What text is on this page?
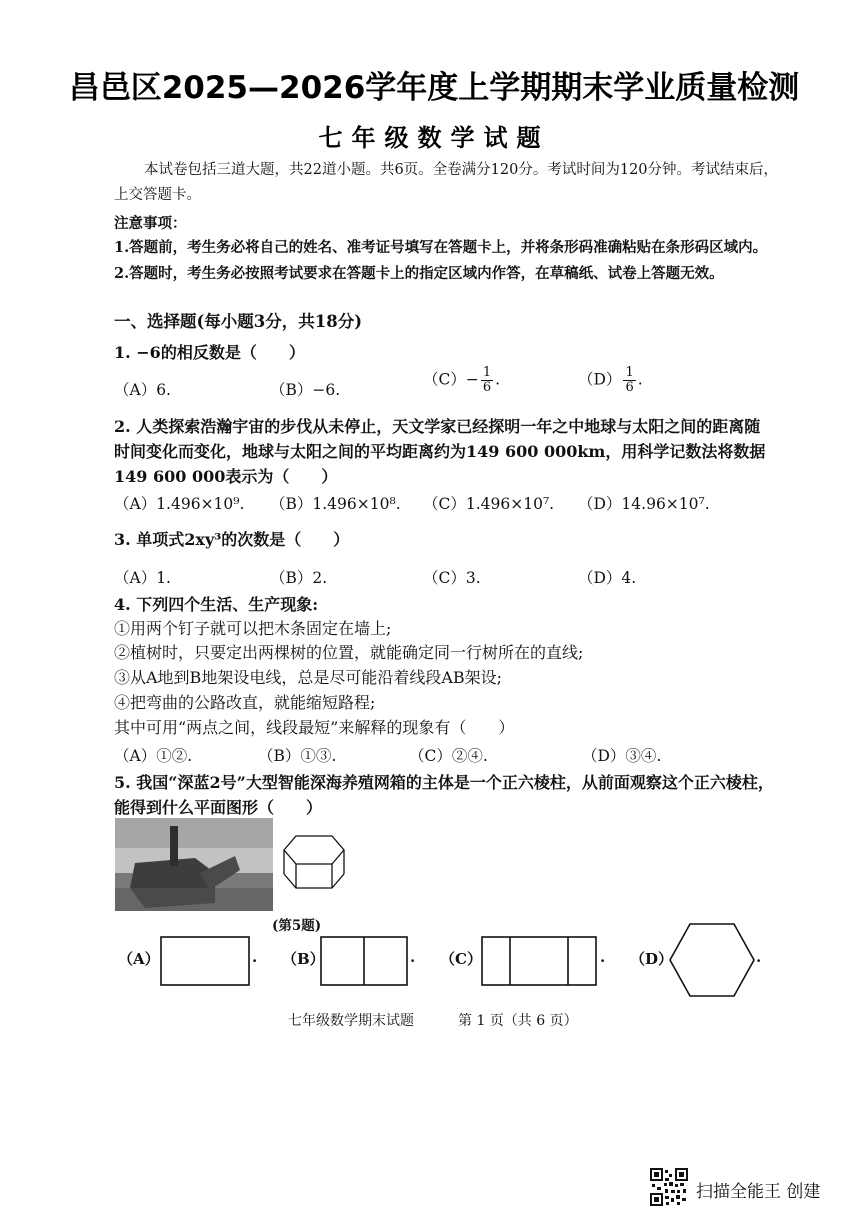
昌邑区2025—2026学年度上学期期末学业质量检测
七年级数学试题
本试卷包括三道大题，共22道小题。共6页。全卷满分120分。考试时间为120分钟。考试结束后，上交答题卡。
注意事项：
1.答题前，考生务必将自己的姓名、准考证号填写在答题卡上，并将条形码准确粘贴在条形码区域内。
2.答题时，考生务必按照考试要求在答题卡上的指定区域内作答，在草稿纸、试卷上答题无效。
一、选择题(每小题3分，共18分)
1. −6的相反数是（　　）
（A）6.	（B）−6.
$(C)- \frac{1}{6}$ .	$(D) \frac{1}{6}$ .
2. 人类探索浩瀚宇宙的步伐从未停止，天文学家已经探明一年之中地球与太阳之间的距离随时间变化而变化，地球与太阳之间的平均距离约为149 600 000km，用科学记数法将数据149 600 000表示为（　　）
（A）1.496×10⁹. （B）1.496×10⁸. （C）1.496×10⁷. （D）14.96×10⁷.
3. 单项式2xy³的次数是（　　）
（A）1.	（B）2.	（C）3.	（D）4.
4. 下列四个生活、生产现象:
①用两个钉子就可以把木条固定在墙上;
②植树时，只要定出两棵树的位置，就能确定同一行树所在的直线;
③从A地到B地架设电线，总是尽可能沿着线段AB架设;
④把弯曲的公路改直，就能缩短路程;
其中可用“两点之间，线段最短”来解释的现象有（　　）
（A）①②.	（B）①③.	（C）②④.	（D）③④.
5. 我国“深蓝2号”大型智能深海养殖网箱的主体是一个正六棱柱，从前面观察这个正六棱柱，能得到什么平面图形（　　）
(第5题)
（A）	. （B）	. （C）	. （D）	.
七年级数学期末试题	第 1 页（共 6 页）
扫描全能王 创建
